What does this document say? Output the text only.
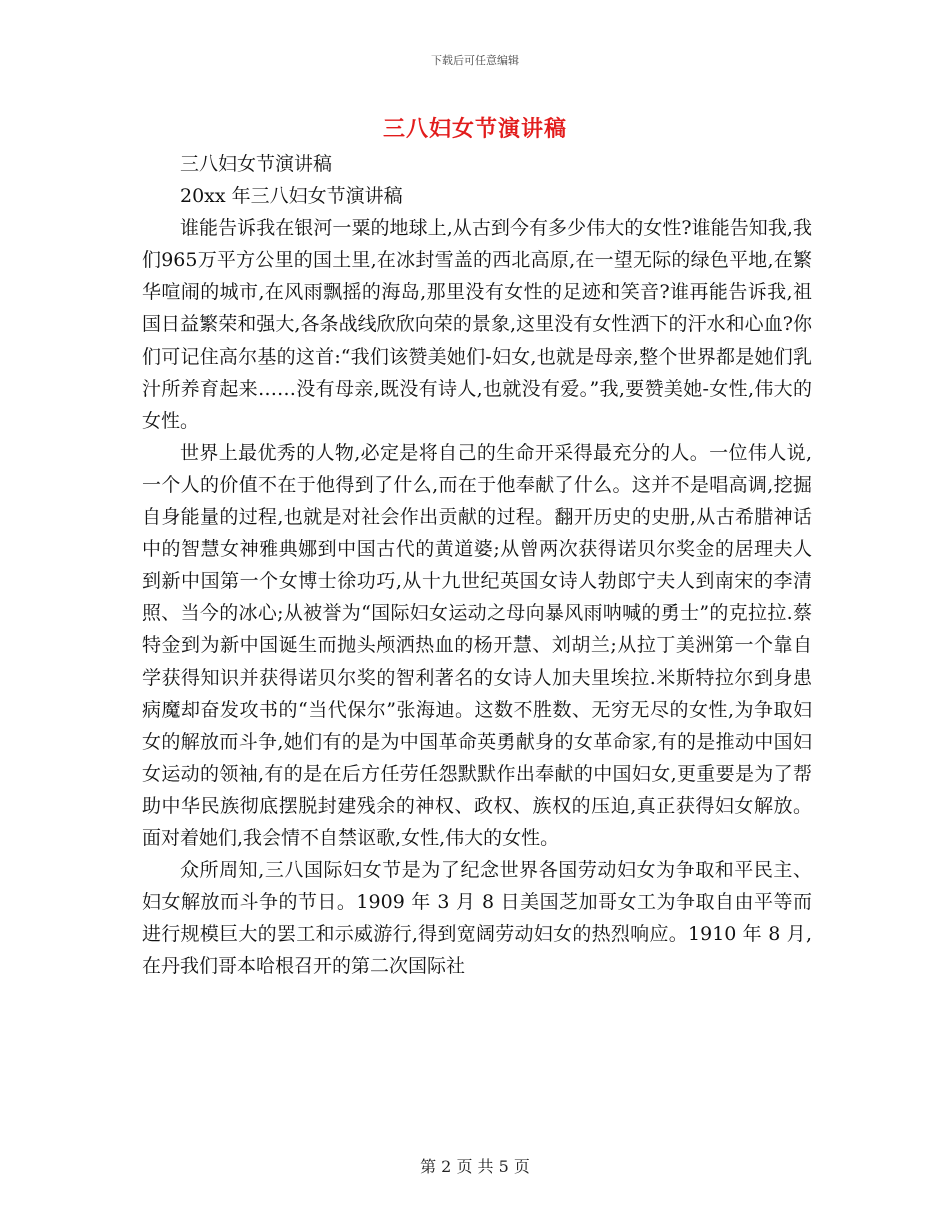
下载后可任意编辑
三八妇女节演讲稿

三八妇女节演讲稿

20xx 年三八妇女节演讲稿

谁能告诉我在银河一粟的地球上,从古到今有多少伟大的女性?谁能告知我,我们965万平方公里的国土里,在冰封雪盖的西北高原,在一望无际的绿色平地,在繁华喧闹的城市,在风雨飘摇的海岛,那里没有女性的足迹和笑音?谁再能告诉我,祖国日益繁荣和强大,各条战线欣欣向荣的景象,这里没有女性洒下的汗水和心血?你们可记住高尔基的这首:“我们该赞美她们-妇女,也就是母亲,整个世界都是她们乳汁所养育起来……没有母亲,既没有诗人,也就没有爱。”我,要赞美她-女性,伟大的女性。

世界上最优秀的人物,必定是将自己的生命开采得最充分的人。一位伟人说,一个人的价值不在于他得到了什么,而在于他奉献了什么。这并不是唱高调,挖掘自身能量的过程,也就是对社会作出贡献的过程。翻开历史的史册,从古希腊神话中的智慧女神雅典娜到中国古代的黄道婆;从曾两次获得诺贝尔奖金的居理夫人到新中国第一个女博士徐功巧,从十九世纪英国女诗人勃郎宁夫人到南宋的李清照、当今的冰心;从被誉为“国际妇女运动之母向暴风雨呐喊的勇士”的克拉拉.蔡特金到为新中国诞生而抛头颅洒热血的杨开慧、刘胡兰;从拉丁美洲第一个靠自学获得知识并获得诺贝尔奖的智利著名的女诗人加夫里埃拉.米斯特拉尔到身患病魔却奋发攻书的“当代保尔”张海迪。这数不胜数、无穷无尽的女性,为争取妇女的解放而斗争,她们有的是为中国革命英勇献身的女革命家,有的是推动中国妇女运动的领袖,有的是在后方任劳任怨默默作出奉献的中国妇女,更重要是为了帮助中华民族彻底摆脱封建残余的神权、政权、族权的压迫,真正获得妇女解放。面对着她们,我会情不自禁讴歌,女性,伟大的女性。

众所周知,三八国际妇女节是为了纪念世界各国劳动妇女为争取和平民主、妇女解放而斗争的节日。1909 年 3 月 8 日美国芝加哥女工为争取自由平等而进行规模巨大的罢工和示威游行,得到宽阔劳动妇女的热烈响应。1910 年 8 月,在丹我们哥本哈根召开的第二次国际社

第 2 页 共 5 页
